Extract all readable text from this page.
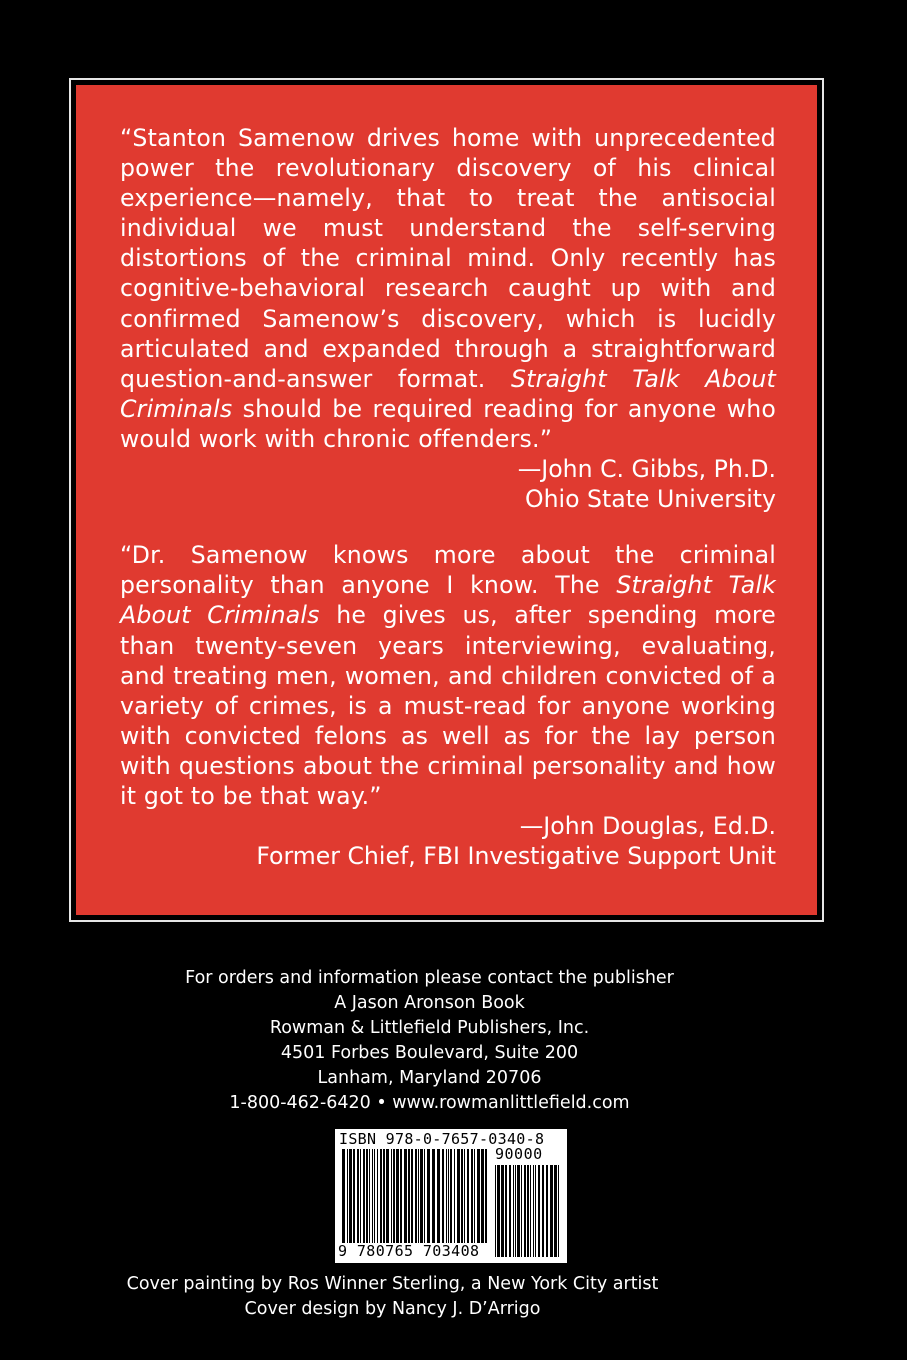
“Stanton Samenow drives home with unprecedented power the revolutionary discovery of his clinical experience—namely, that to treat the antisocial individual we must understand the self-serving distortions of the criminal mind. Only recently has cognitive-behavioral research caught up with and confirmed Samenow’s discovery, which is lucidly articulated and expanded through a straightforward question-and-answer format. Straight Talk About Criminals should be required reading for anyone who would work with chronic offenders.”

—John C. Gibbs, Ph.D.

Ohio State University

“Dr. Samenow knows more about the criminal personality than anyone I know. The Straight Talk About Criminals he gives us, after spending more than twenty-seven years interviewing, evaluating, and treating men, women, and children convicted of a variety of crimes, is a must-read for anyone working with convicted felons as well as for the lay person with questions about the criminal personality and how it got to be that way.”

—John Douglas, Ed.D.

Former Chief, FBI Investigative Support Unit

For orders and information please contact the publisher
A Jason Aronson Book
Rowman & Littlefield Publishers, Inc.
4501 Forbes Boulevard, Suite 200
Lanham, Maryland 20706
1-800-462-6420 • www.rowmanlittlefield.com
ISBN 978-0-7657-0340-8
90000
9 780765 703408
Cover painting by Ros Winner Sterling, a New York City artist
Cover design by Nancy J. D’Arrigo
